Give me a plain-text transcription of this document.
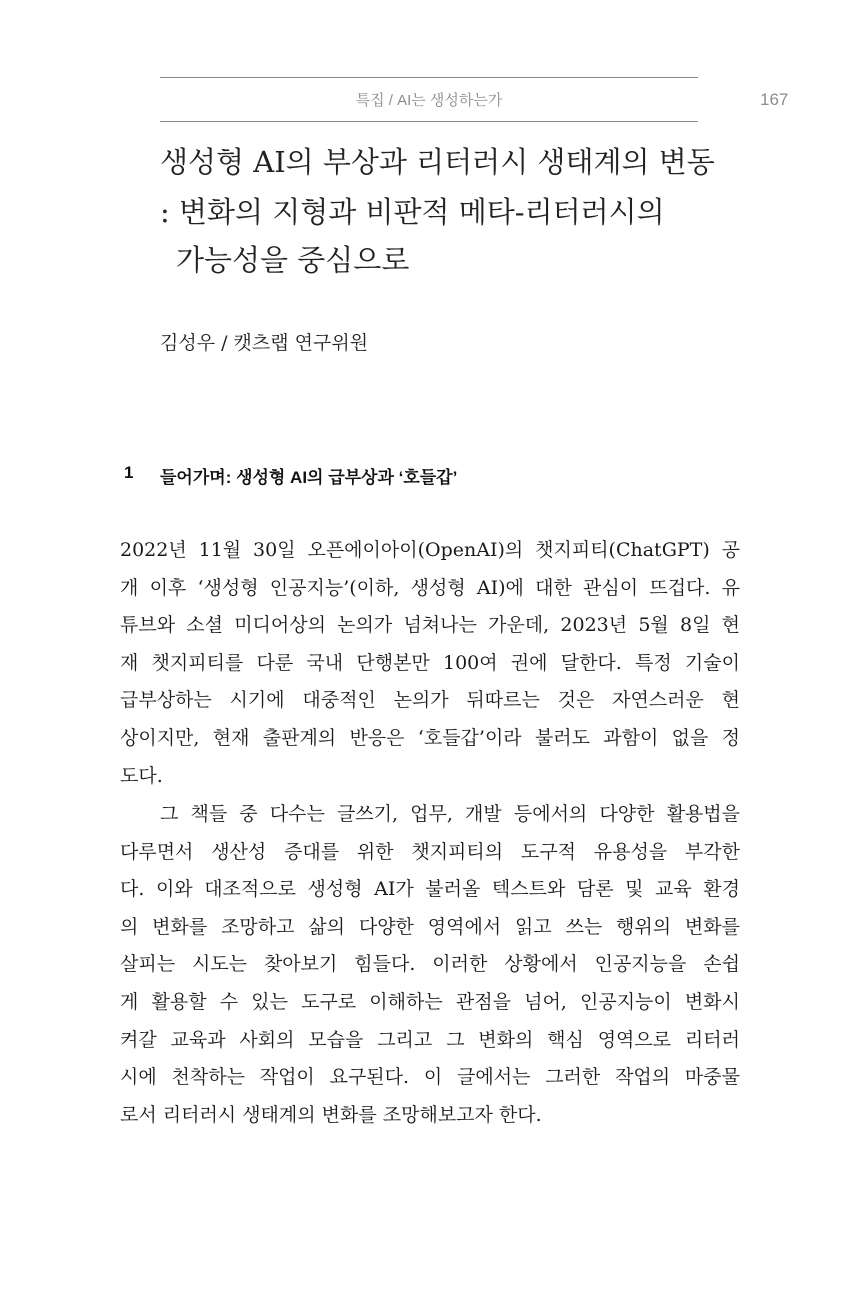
특집 / AI는 생성하는가	167
생성형 AI의 부상과 리터러시 생태계의 변동
: 변화의 지형과 비판적 메타-리터러시의
가능성을 중심으로
김성우 / 캣츠랩 연구위원
1 들어가며: 생성형 AI의 급부상과 ‘호들갑’
2022년 11월 30일 오픈에이아이(OpenAI)의 챗지피티(ChatGPT) 공
개 이후 ‘생성형 인공지능’(이하, 생성형 AI)에 대한 관심이 뜨겁다. 유
튜브와 소셜 미디어상의 논의가 넘쳐나는 가운데, 2023년 5월 8일 현
재 챗지피티를 다룬 국내 단행본만 100여 권에 달한다. 특정 기술이
급부상하는 시기에 대중적인 논의가 뒤따르는 것은 자연스러운 현
상이지만, 현재 출판계의 반응은 ‘호들갑’이라 불러도 과함이 없을 정
도다.
그 책들 중 다수는 글쓰기, 업무, 개발 등에서의 다양한 활용법을
다루면서 생산성 증대를 위한 챗지피티의 도구적 유용성을 부각한
다. 이와 대조적으로 생성형 AI가 불러올 텍스트와 담론 및 교육 환경
의 변화를 조망하고 삶의 다양한 영역에서 읽고 쓰는 행위의 변화를
살피는 시도는 찾아보기 힘들다. 이러한 상황에서 인공지능을 손쉽
게 활용할 수 있는 도구로 이해하는 관점을 넘어, 인공지능이 변화시
켜갈 교육과 사회의 모습을 그리고 그 변화의 핵심 영역으로 리터러
시에 천착하는 작업이 요구된다. 이 글에서는 그러한 작업의 마중물
로서 리터러시 생태계의 변화를 조망해보고자 한다.
